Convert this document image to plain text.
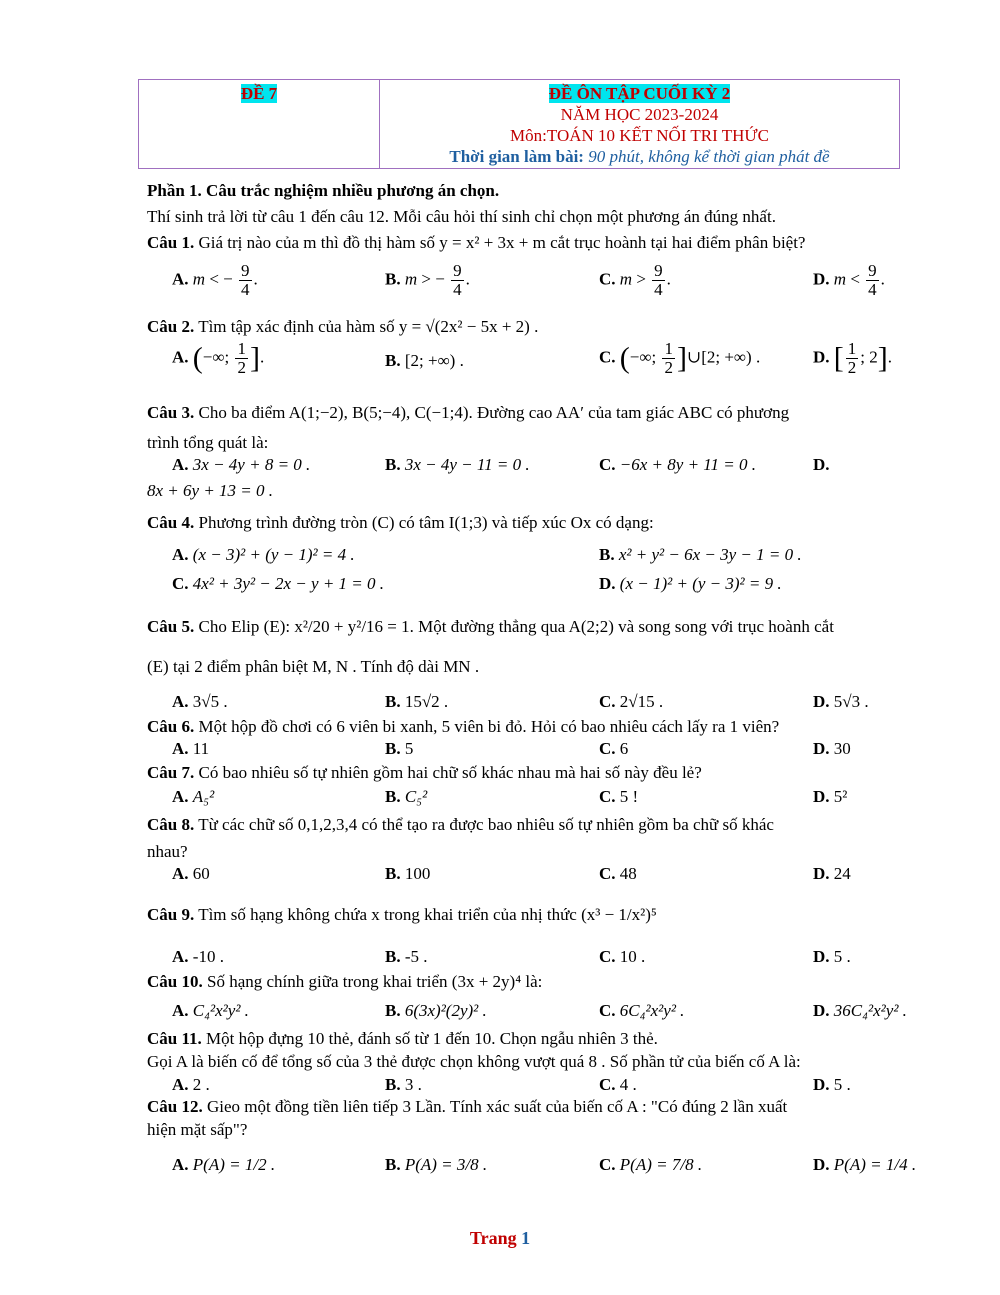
ĐỀ 7	ĐỀ ÔN TẬP CUỐI KỲ 2
NĂM HỌC 2023-2024
Môn:TOÁN 10 KẾT NỐI TRI THỨC
Thời gian làm bài: 90 phút, không kể thời gian phát đề
Phần 1. Câu trắc nghiệm nhiều phương án chọn.
Thí sinh trả lời từ câu 1 đến câu 12. Mỗi câu hỏi thí sinh chỉ chọn một phương án đúng nhất.
Câu 1. Giá trị nào của m thì đồ thị hàm số y = x² + 3x + m cắt trục hoành tại hai điểm phân biệt?
A. m < − $\frac{9}{4}$ .	B. m > − $\frac{9}{4}$ .	C. $m > \frac{9}{4}$ .	D. $m < \frac{9}{4}$ .
Câu 2. Tìm tập xác định của hàm số y = √(2x² − 5x + 2) .
A. (−∞; $\frac{1}{2}$ ].	B. [2; +∞) .	C. (−∞; $\frac{1}{2}$ ]∪[2; +∞) .	D. [ $\frac{1}{2}$ ; 2].
Câu 3. Cho ba điểm A(1;−2), B(5;−4), C(−1;4). Đường cao AA′ của tam giác ABC có phương
trình tổng quát là:
A. 3x − 4y + 8 = 0 .	B. 3x − 4y − 11 = 0 .	C. −6x + 8y + 11 = 0 .	D.
8x + 6y + 13 = 0 .
Câu 4. Phương trình đường tròn (C) có tâm I(1;3) và tiếp xúc Ox có dạng:
A. (x − 3)² + (y − 1)² = 4 .	B. x² + y² − 6x − 3y − 1 = 0 .
C. 4x² + 3y² − 2x − y + 1 = 0 .	D. (x − 1)² + (y − 3)² = 9 .
Câu 5. Cho Elip (E): x²/20 + y²/16 = 1. Một đường thẳng qua A(2;2) và song song với trục hoành cắt
(E) tại 2 điểm phân biệt M, N . Tính độ dài MN .
A. 3√5 .	B. 15√2 .	C. 2√15 .	D. 5√3 .
Câu 6. Một hộp đồ chơi có 6 viên bi xanh, 5 viên bi đỏ. Hỏi có bao nhiêu cách lấy ra 1 viên?
A. 11	B. 5	C. 6	D. 30
Câu 7. Có bao nhiêu số tự nhiên gồm hai chữ số khác nhau mà hai số này đều lẻ?
A. A₅²	B. C₅²	C. 5 !	D. 5²
Câu 8. Từ các chữ số 0,1,2,3,4 có thể tạo ra được bao nhiêu số tự nhiên gồm ba chữ số khác
nhau?
A. 60	B. 100	C. 48	D. 24
Câu 9. Tìm số hạng không chứa x trong khai triển của nhị thức (x³ − 1/x²)⁵
A. -10 .	B. -5 .	C. 10 .	D. 5 .
Câu 10. Số hạng chính giữa trong khai triển (3x + 2y)⁴ là:
A. C₄²x²y² .	B. 6(3x)²(2y)² .	C. 6C₄²x²y² .	D. 36C₄²x²y² .
Câu 11. Một hộp đựng 10 thẻ, đánh số từ 1 đến 10. Chọn ngẫu nhiên 3 thẻ.
Gọi A là biến cố để tổng số của 3 thẻ được chọn không vượt quá 8 . Số phần tử của biến cố A là:
A. 2 .	B. 3 .	C. 4 .	D. 5 .
Câu 12. Gieo một đồng tiền liên tiếp 3 Lần. Tính xác suất của biến cố A : "Có đúng 2 lần xuất
hiện mặt sấp"?
A. P(A) = 1/2 .	B. P(A) = 3/8 .	C. P(A) = 7/8 .	D. P(A) = 1/4 .
Trang 1
